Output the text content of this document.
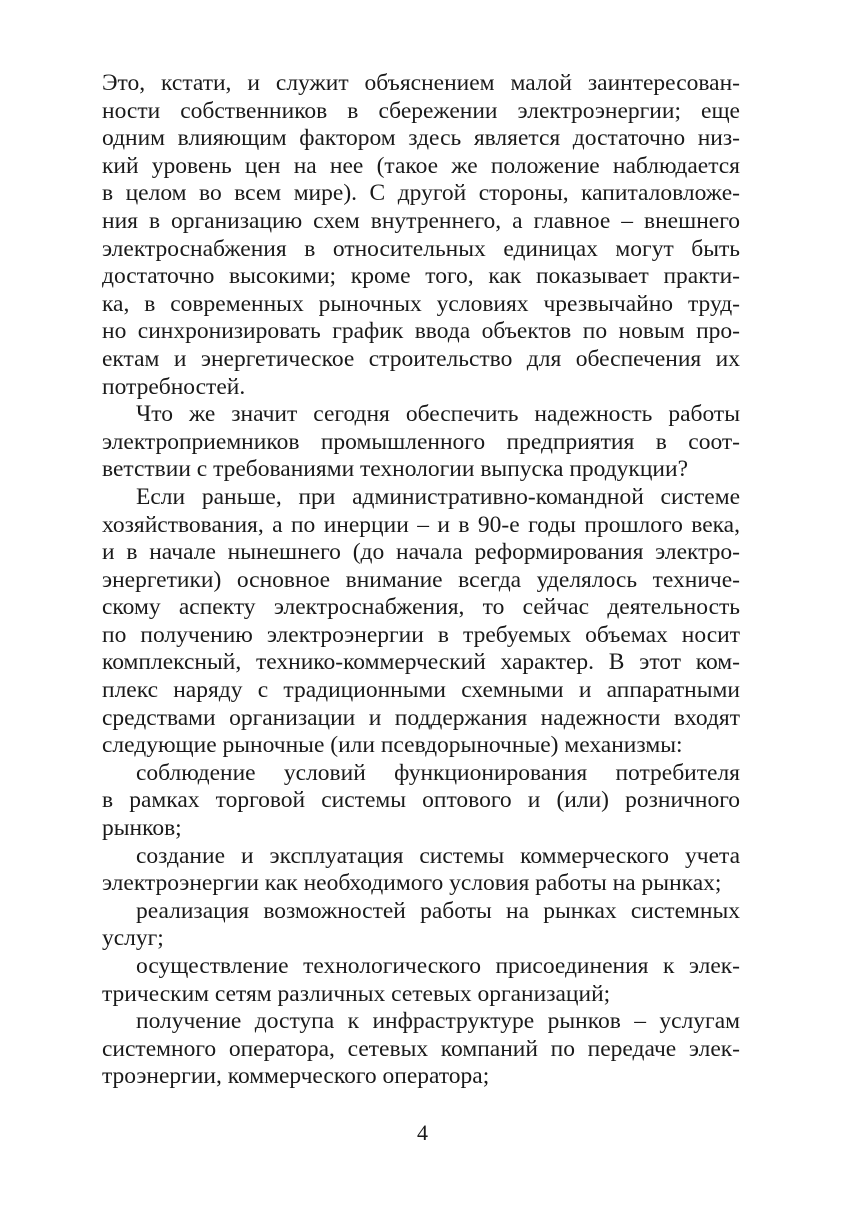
Это, кстати, и служит объяснением малой заинтересован-
ности собственников в сбережении электроэнергии; еще
одним влияющим фактором здесь является достаточно низ-
кий уровень цен на нее (такое же положение наблюдается
в целом во всем мире). С другой стороны, капиталовложе-
ния в организацию схем внутреннего, а главное – внешнего
электроснабжения в относительных единицах могут быть
достаточно высокими; кроме того, как показывает практи-
ка, в современных рыночных условиях чрезвычайно труд-
но синхронизировать график ввода объектов по новым про-
ектам и энергетическое строительство для обеспечения их
потребностей.
Что же значит сегодня обеспечить надежность работы
электроприемников промышленного предприятия в соот-
ветствии с требованиями технологии выпуска продукции?
Если раньше, при административно-командной системе
хозяйствования, а по инерции – и в 90-е годы прошлого века,
и в начале нынешнего (до начала реформирования электро-
энергетики) основное внимание всегда уделялось техниче-
скому аспекту электроснабжения, то сейчас деятельность
по получению электроэнергии в требуемых объемах носит
комплексный, технико-коммерческий характер. В этот ком-
плекс наряду с традиционными схемными и аппаратными
средствами организации и поддержания надежности входят
следующие рыночные (или псевдорыночные) механизмы:
соблюдение условий функционирования потребителя
в рамках торговой системы оптового и (или) розничного
рынков;
создание и эксплуатация системы коммерческого учета
электроэнергии как необходимого условия работы на рынках;
реализация возможностей работы на рынках системных
услуг;
осуществление технологического присоединения к элек-
трическим сетям различных сетевых организаций;
получение доступа к инфраструктуре рынков – услугам
системного оператора, сетевых компаний по передаче элек-
троэнергии, коммерческого оператора;
4
